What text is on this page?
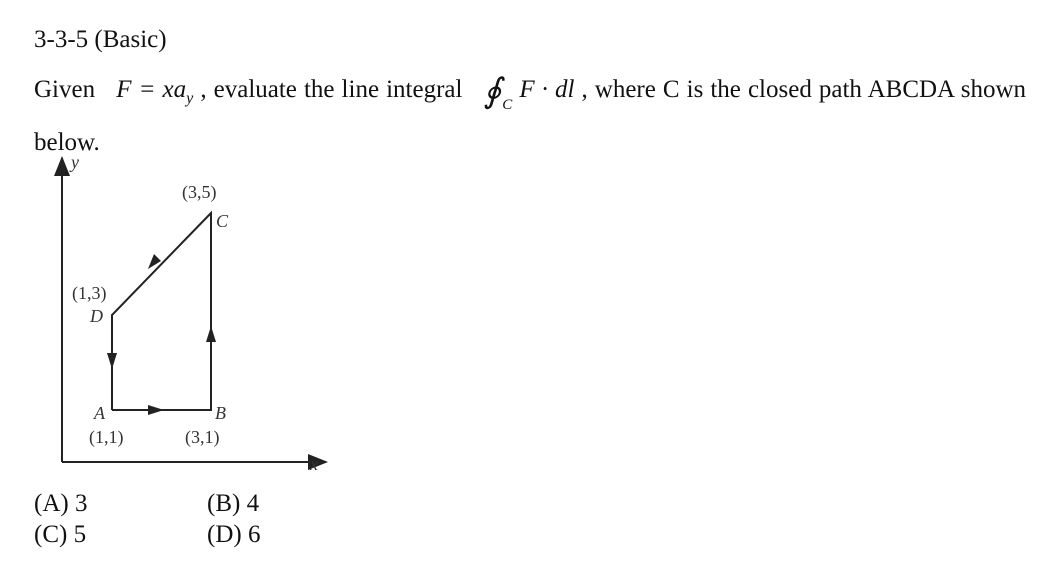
3-3-5 (Basic)
Given $F = xa_y$ , evaluate the line integral $∮_C$ F · dl , where C is the closed path ABCDA shown below.
y
x
(3,5)
C
(1,3)
D
A
(1,1)
B
(3,1)
(A) 3	(B) 4
(C) 5	(D) 6
